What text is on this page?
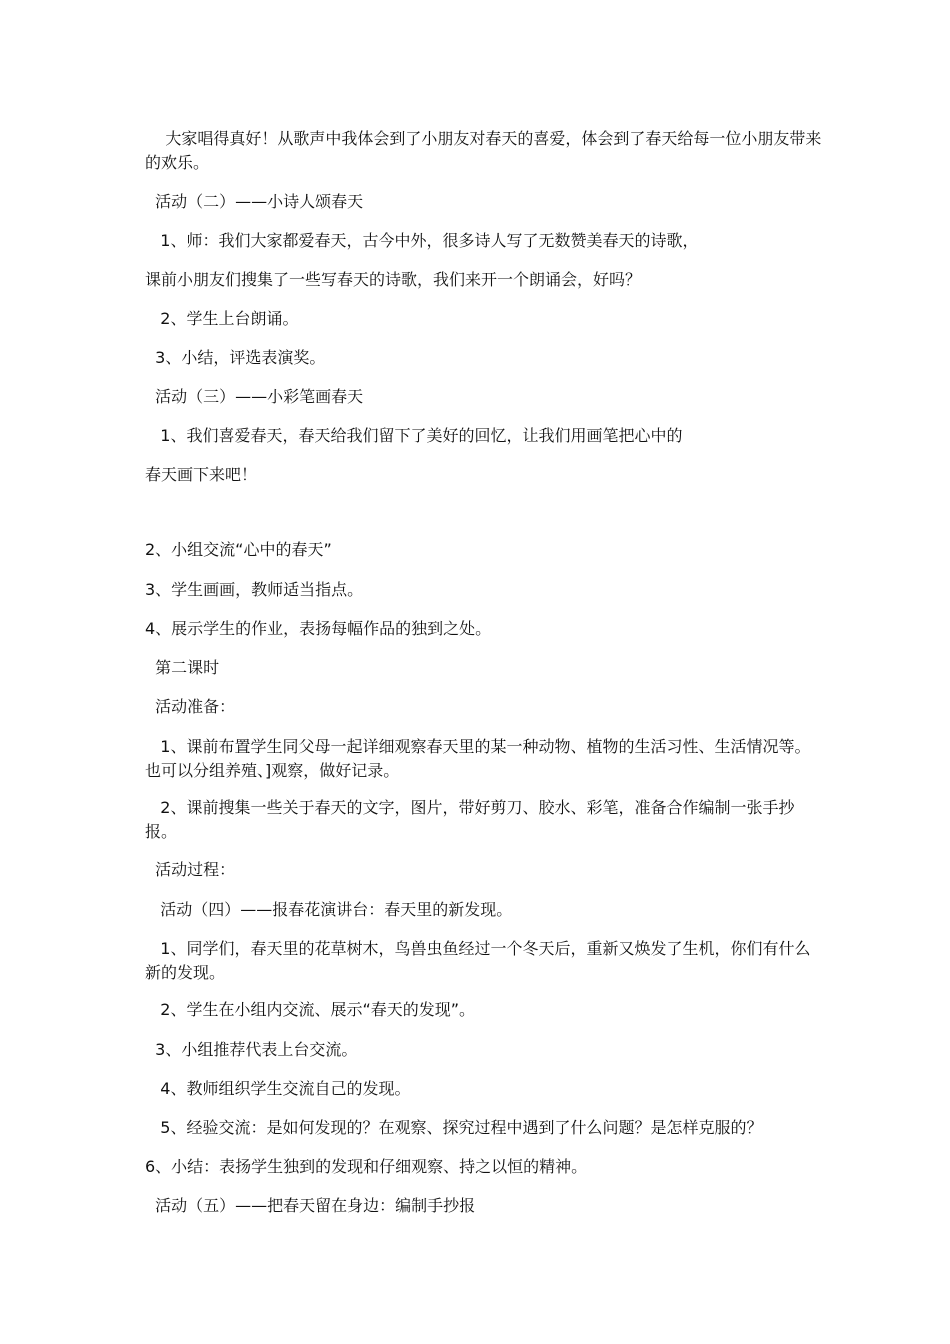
大家唱得真好！从歌声中我体会到了小朋友对春天的喜爱，体会到了春天给每一位小朋友带来的欢乐。

活动（二）——小诗人颂春天

1、师：我们大家都爱春天，古今中外，很多诗人写了无数赞美春天的诗歌，

课前小朋友们搜集了一些写春天的诗歌，我们来开一个朗诵会，好吗？

2、学生上台朗诵。

3、小结，评选表演奖。

活动（三）——小彩笔画春天

1、我们喜爱春天，春天给我们留下了美好的回忆，让我们用画笔把心中的

春天画下来吧！

2、小组交流“心中的春天”

3、学生画画，教师适当指点。

4、展示学生的作业，表扬每幅作品的独到之处。

第二课时

活动准备：

1、课前布置学生同父母一起详细观察春天里的某一种动物、植物的生活习性、生活情况等。也可以分组养殖、]观察，做好记录。

2、课前搜集一些关于春天的文字，图片，带好剪刀、胶水、彩笔，准备合作编制一张手抄报。

活动过程：

活动（四）——报春花演讲台：春天里的新发现。

1、同学们，春天里的花草树木，鸟兽虫鱼经过一个冬天后，重新又焕发了生机，你们有什么新的发现。

2、学生在小组内交流、展示“春天的发现”。

3、小组推荐代表上台交流。

4、教师组织学生交流自己的发现。

5、经验交流：是如何发现的？在观察、探究过程中遇到了什么问题？是怎样克服的？

6、小结：表扬学生独到的发现和仔细观察、持之以恒的精神。

活动（五）——把春天留在身边：编制手抄报
